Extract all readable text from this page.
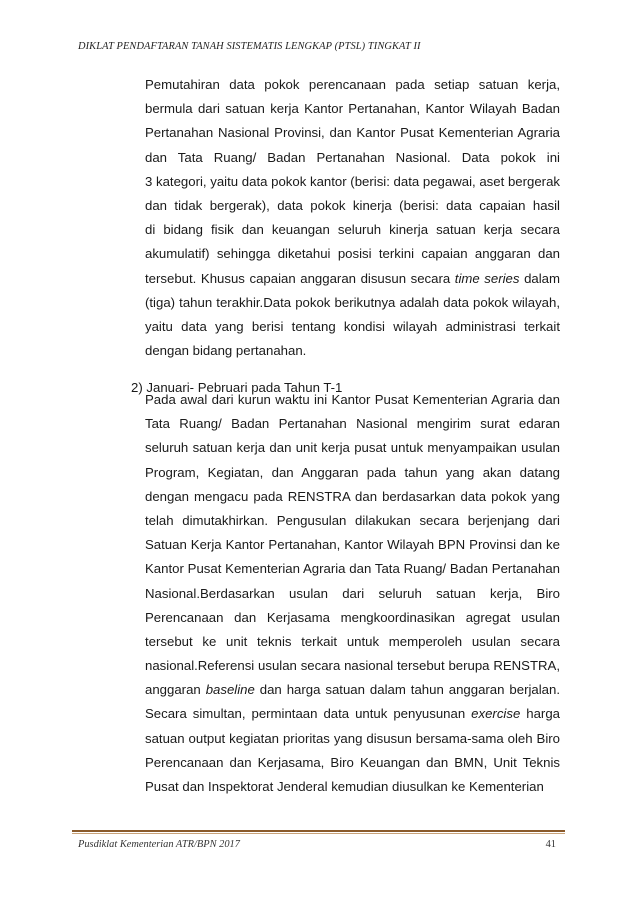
DIKLAT PENDAFTARAN TANAH SISTEMATIS LENGKAP (PTSL) TINGKAT II
Pemutahiran data pokok perencanaan pada setiap satuan kerja,
bermula dari satuan kerja Kantor Pertanahan, Kantor Wilayah Badan
Pertanahan Nasional Provinsi, dan Kantor Pusat Kementerian Agraria
dan Tata Ruang/ Badan Pertanahan Nasional. Data pokok ini
3 kategori, yaitu data pokok kantor (berisi: data pegawai, aset bergerak
dan tidak bergerak), data pokok kinerja (berisi: data capaian hasil
di bidang fisik dan keuangan seluruh kinerja satuan kerja secara
akumulatif) sehingga diketahui posisi terkini capaian anggaran dan
tersebut. Khusus capaian anggaran disusun secara time series dalam
(tiga) tahun terakhir.Data pokok berikutnya adalah data pokok wilayah,
yaitu data yang berisi tentang kondisi wilayah administrasi terkait
dengan bidang pertanahan.
2) Januari- Pebruari pada Tahun T-1
Pada awal dari kurun waktu ini Kantor Pusat Kementerian Agraria dan
Tata Ruang/ Badan Pertanahan Nasional mengirim surat edaran
seluruh satuan kerja dan unit kerja pusat untuk menyampaikan usulan
Program, Kegiatan, dan Anggaran pada tahun yang akan datang
dengan mengacu pada RENSTRA dan berdasarkan data pokok yang
telah dimutakhirkan. Pengusulan dilakukan secara berjenjang dari
Satuan Kerja Kantor Pertanahan, Kantor Wilayah BPN Provinsi dan ke
Kantor Pusat Kementerian Agraria dan Tata Ruang/ Badan Pertanahan
Nasional.Berdasarkan usulan dari seluruh satuan kerja, Biro
Perencanaan dan Kerjasama mengkoordinasikan agregat usulan
tersebut ke unit teknis terkait untuk memperoleh usulan secara
nasional.Referensi usulan secara nasional tersebut berupa RENSTRA,
anggaran baseline dan harga satuan dalam tahun anggaran berjalan.
Secara simultan, permintaan data untuk penyusunan exercise harga
satuan output kegiatan prioritas yang disusun bersama-sama oleh Biro
Perencanaan dan Kerjasama, Biro Keuangan dan BMN, Unit Teknis
Pusat dan Inspektorat Jenderal kemudian diusulkan ke Kementerian
Pusdiklat Kementerian ATR/BPN 2017	41
